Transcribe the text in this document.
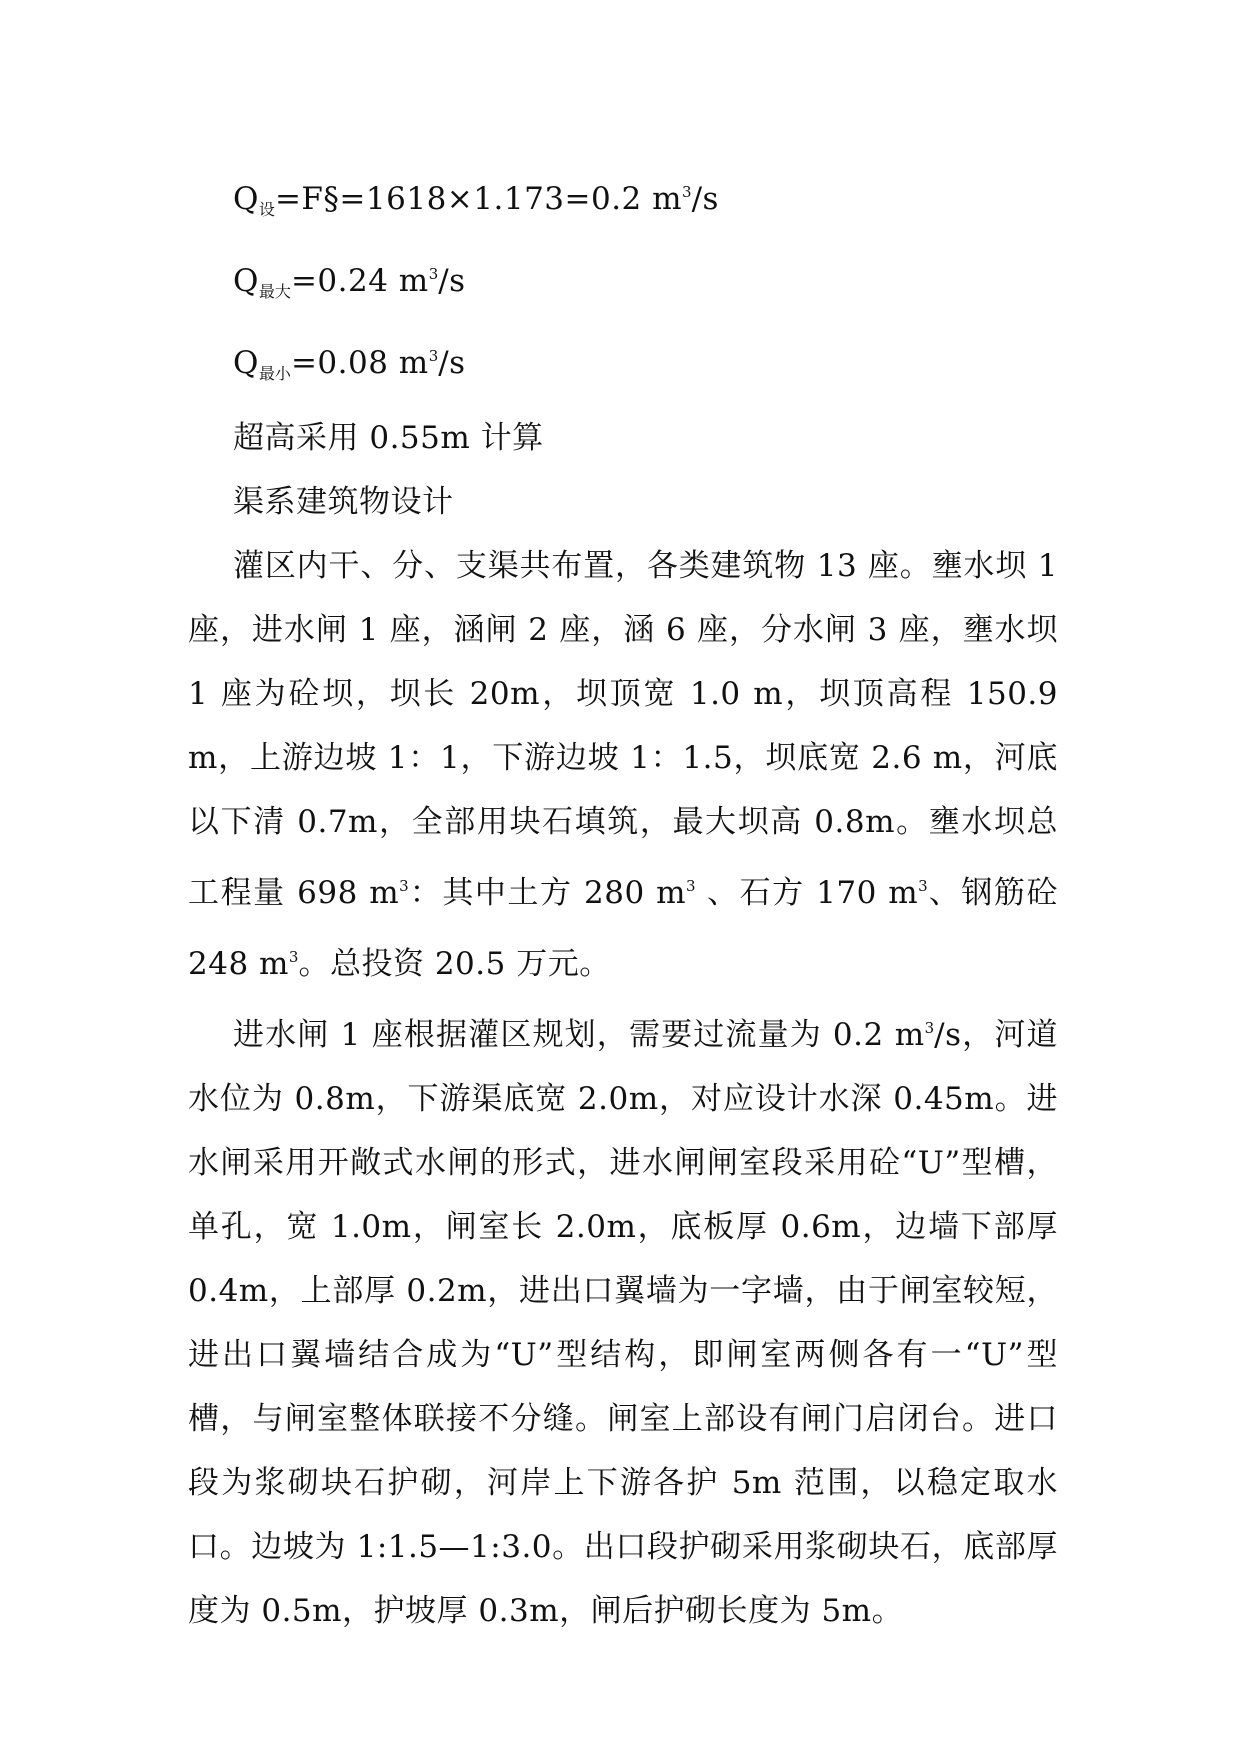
$Q_设=F\S=1618\times 1.173=0.2$ $m^3/s$

$Q_{最大}=0.24$ $m^3/s$

$Q_{最小}=0.08$ $m^3/s$

超高采用 0.55m 计算

渠系建筑物设计

灌区内干、分、支渠共布置，各类建筑物 13 座。壅水坝 1 座，进水闸 1 座，涵闸 2 座，涵 6 座，分水闸 3 座，壅水坝 1 座为砼坝，坝长 20m，坝顶宽 1.0 m，坝顶高程 150.9 m，上游边坡 1：1，下游边坡 1：1.5，坝底宽 2.6 m，河底以下清 0.7m，全部用块石填筑，最大坝高 0.8m。壅水坝总工程量 698 $m^3$：其中土方 280 $m^3$ 、石方 170 $m^3$、钢筋砼 248 $m^3$。总投资 20.5 万元。

进水闸 1 座根据灌区规划，需要过流量为 0.2 $m^3/s$，河道水位为 0.8m，下游渠底宽 2.0m，对应设计水深 0.45m。进水闸采用开敞式水闸的形式，进水闸闸室段采用砼“U”型槽，单孔，宽 1.0m，闸室长 2.0m，底板厚 0.6m，边墙下部厚 0.4m，上部厚 0.2m，进出口翼墙为一字墙，由于闸室较短，进出口翼墙结合成为“U”型结构，即闸室两侧各有一“U”型槽，与闸室整体联接不分缝。闸室上部设有闸门启闭台。进口段为浆砌块石护砌，河岸上下游各护 5m 范围，以稳定取水口。边坡为 1:1.5—1:3.0。出口段护砌采用浆砌块石，底部厚度为 0.5m，护坡厚 0.3m，闸后护砌长度为 5m。
